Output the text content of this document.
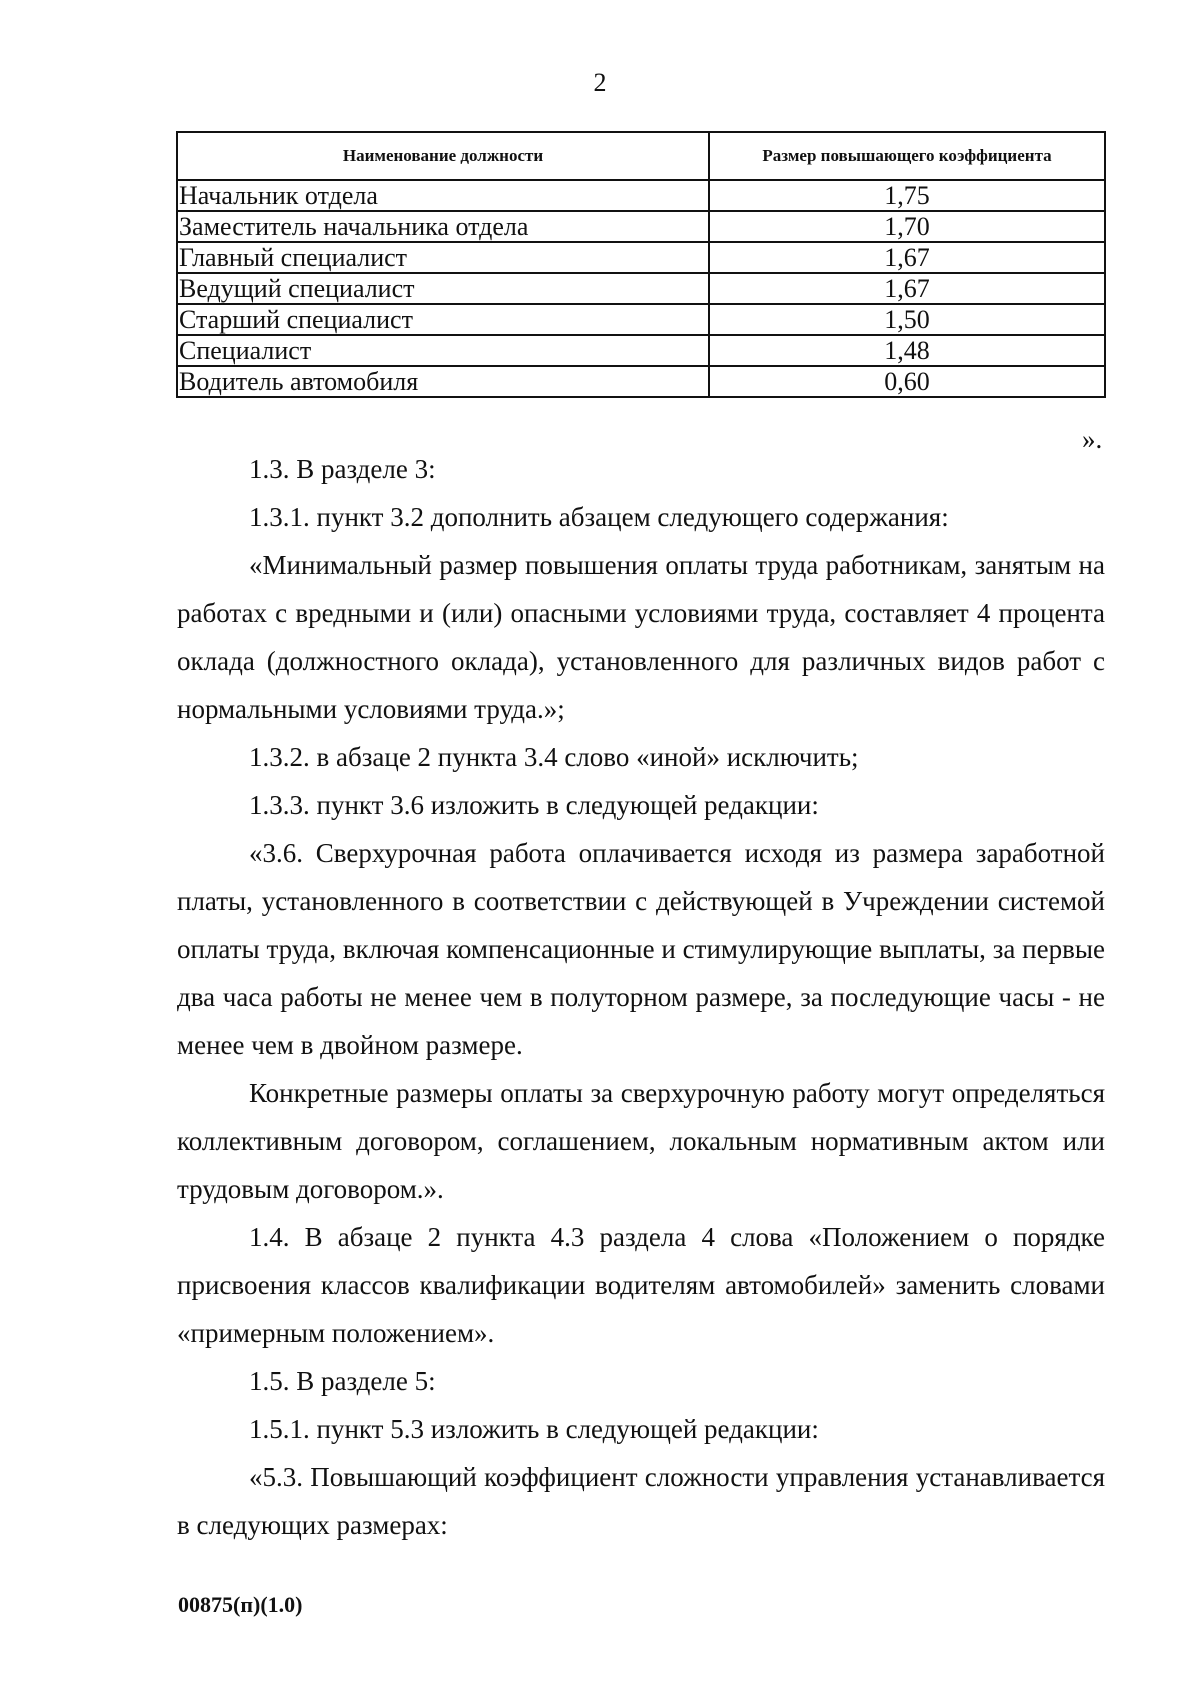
2
Наименование должности	Размер повышающего коэффициента
Начальник отдела	1,75
Заместитель начальника отдела	1,70
Главный специалист	1,67
Ведущий специалист	1,67
Старший специалист	1,50
Специалист	1,48
Водитель автомобиля	0,60
».

1.3. В разделе 3:

1.3.1. пункт 3.2 дополнить абзацем следующего содержания:

«Минимальный размер повышения оплаты труда работникам, занятым на работах с вредными и (или) опасными условиями труда, составляет 4 процента оклада (должностного оклада), установленного для различных видов работ с нормальными условиями труда.»;

1.3.2. в абзаце 2 пункта 3.4 слово «иной» исключить;

1.3.3. пункт 3.6 изложить в следующей редакции:

«3.6. Сверхурочная работа оплачивается исходя из размера заработной платы, установленного в соответствии с действующей в Учреждении системой оплаты труда, включая компенсационные и стимулирующие выплаты, за первые два часа работы не менее чем в полуторном размере, за последующие часы - не менее чем в двойном размере.

Конкретные размеры оплаты за сверхурочную работу могут определяться коллективным договором, соглашением, локальным нормативным актом или трудовым договором.».

1.4. В абзаце 2 пункта 4.3 раздела 4 слова «Положением о порядке присвоения классов квалификации водителям автомобилей» заменить словами «примерным положением».

1.5. В разделе 5:

1.5.1. пункт 5.3 изложить в следующей редакции:

«5.3. Повышающий коэффициент сложности управления устанавливается в следующих размерах:

00875(п)(1.0)
